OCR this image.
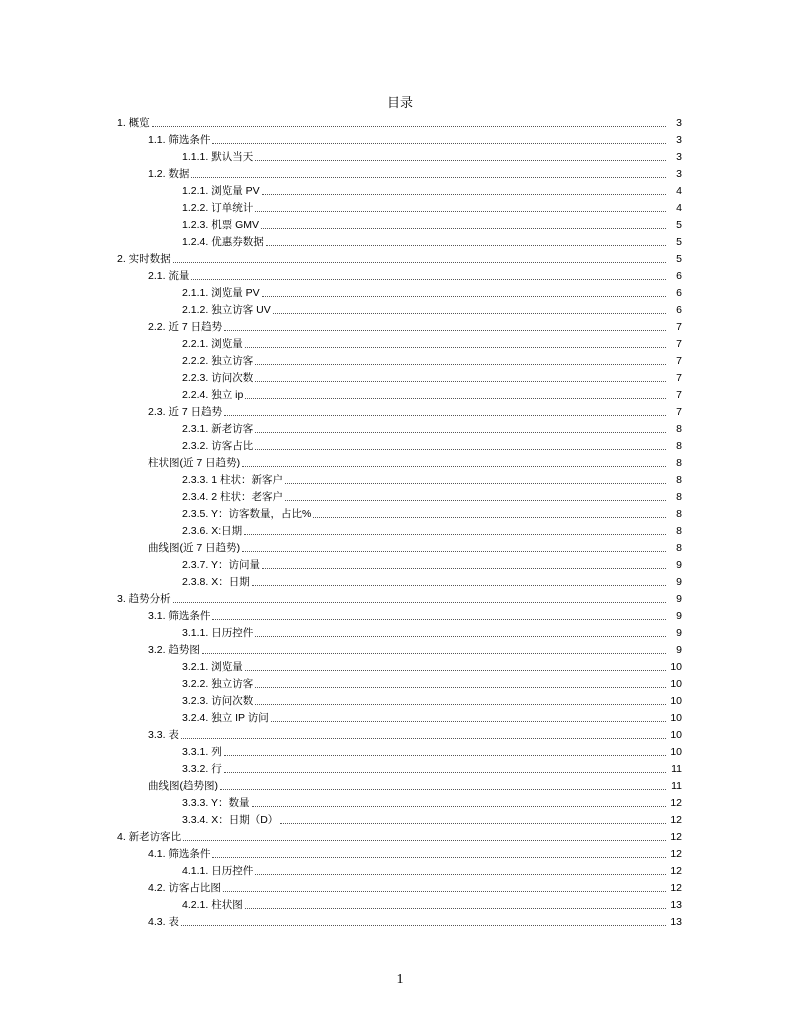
目录
1. 概览	3
1.1. 筛选条件	3
1.1.1. 默认当天	3
1.2. 数据	3
1.2.1. 浏览量 PV	4
1.2.2. 订单统计	4
1.2.3. 机票 GMV	5
1.2.4. 优惠券数据	5
2. 实时数据	5
2.1. 流量	6
2.1.1. 浏览量 PV	6
2.1.2. 独立访客 UV	6
2.2. 近 7 日趋势	7
2.2.1. 浏览量	7
2.2.2. 独立访客	7
2.2.3. 访问次数	7
2.2.4. 独立 ip	7
2.3. 近 7 日趋势	7
2.3.1. 新老访客	8
2.3.2. 访客占比	8
柱状图(近 7 日趋势)	8
2.3.3. 1 柱状：新客户	8
2.3.4. 2 柱状：老客户	8
2.3.5. Y：访客数量，占比%	8
2.3.6. X:日期	8
曲线图(近 7 日趋势)	8
2.3.7. Y：访问量	9
2.3.8. X：日期	9
3. 趋势分析	9
3.1. 筛选条件	9
3.1.1. 日历控件	9
3.2. 趋势图	9
3.2.1. 浏览量	10
3.2.2. 独立访客	10
3.2.3. 访问次数	10
3.2.4. 独立 IP 访问	10
3.3. 表	10
3.3.1. 列	10
3.3.2. 行	11
曲线图(趋势图)	11
3.3.3. Y：数量	12
3.3.4. X：日期（D）	12
4. 新老访客比	12
4.1. 筛选条件	12
4.1.1. 日历控件	12
4.2. 访客占比图	12
4.2.1. 柱状图	13
4.3. 表	13
1
